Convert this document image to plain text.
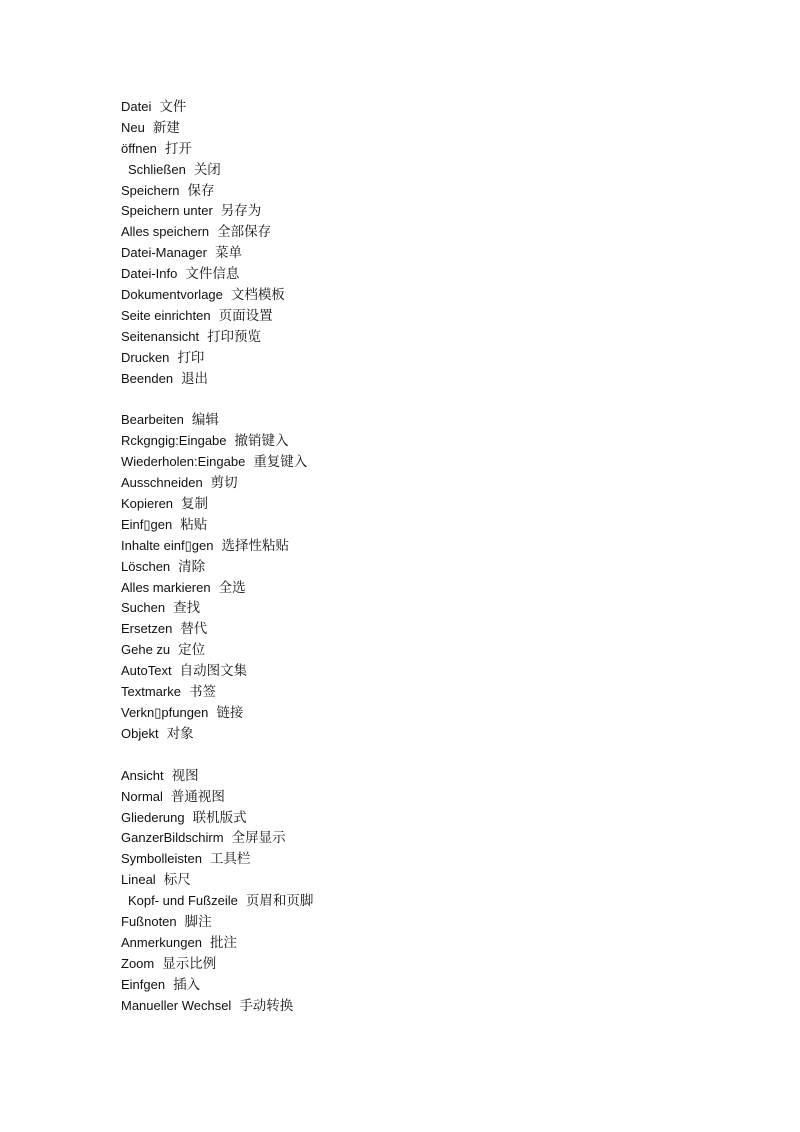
Datei 文件
Neu 新建
öffnen 打开
Schließen 关闭
Speichern 保存
Speichern unter 另存为
Alles speichern 全部保存
Datei-Manager 菜单
Datei-Info 文件信息
Dokumentvorlage 文档模板
Seite einrichten 页面设置
Seitenansicht 打印预览
Drucken 打印
Beenden 退出
Bearbeiten 编辑
Rckgngig:Eingabe 撤销键入
Wiederholen:Eingabe 重复键入
Ausschneiden 剪切
Kopieren 复制
Einf▯gen 粘贴
Inhalte einf▯gen 选择性粘贴
Löschen 清除
Alles markieren 全选
Suchen 查找
Ersetzen 替代
Gehe zu 定位
AutoText 自动图文集
Textmarke 书签
Verkn▯pfungen 链接
Objekt 对象
Ansicht 视图
Normal 普通视图
Gliederung 联机版式
GanzerBildschirm 全屏显示
Symbolleisten 工具栏
Lineal 标尺
Kopf- und Fußzeile 页眉和页脚
Fußnoten 脚注
Anmerkungen 批注
Zoom 显示比例
Einfgen 插入
Manueller Wechsel 手动转换
